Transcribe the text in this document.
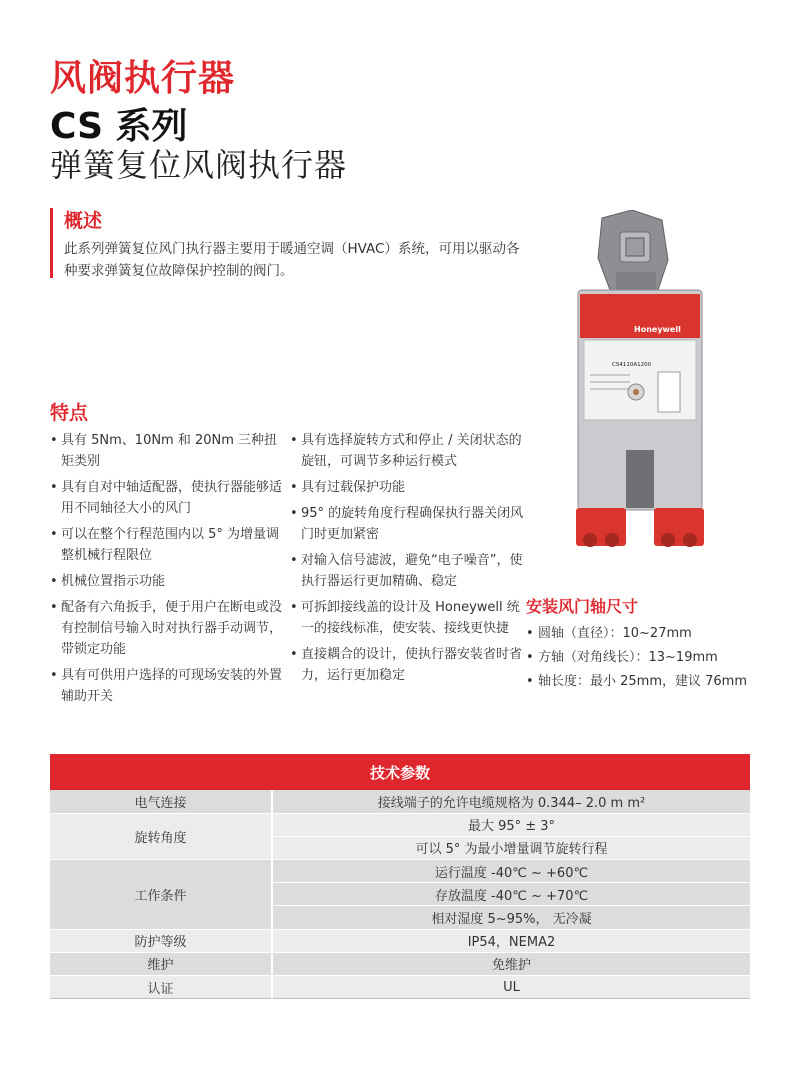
风阀执行器
CS 系列
弹簧复位风阀执行器
概述
此系列弹簧复位风门执行器主要用于暖通空调（HVAC）系统，可用以驱动各种要求弹簧复位故障保护控制的阀门。
特点
• 具有 5Nm、10Nm 和 20Nm 三种扭矩类别
• 具有自对中轴适配器，使执行器能够适用不同轴径大小的风门
• 可以在整个行程范围内以 5° 为增量调整机械行程限位
• 机械位置指示功能
• 配备有六角扳手，便于用户在断电或没有控制信号输入时对执行器手动调节，带锁定功能
• 具有可供用户选择的可现场安装的外置辅助开关
• 具有选择旋转方式和停止 / 关闭状态的旋钮，可调节多种运行模式
• 具有过载保护功能
• 95° 的旋转角度行程确保执行器关闭风门时更加紧密
• 对输入信号滤波，避免“电子噪音”，使执行器运行更加精确、稳定
• 可拆卸接线盖的设计及 Honeywell 统一的接线标准，使安装、接线更快捷
• 直接耦合的设计，使执行器安装省时省力，运行更加稳定
Honeywell
CS4110A1200
安装风门轴尺寸
• 圆轴（直径）：10~27mm
• 方轴（对角线长）：13~19mm
• 轴长度：最小 25mm，建议 76mm
技术参数	
电气连接	接线端子的允许电缆规格为 0.344– 2.0 m m²
旋转角度	最大 95° ± 3°
	可以 5° 为最小增量调节旋转行程
工作条件	运行温度 -40℃ ~ +60℃
	存放温度 -40℃ ~ +70℃
	相对湿度 5~95%， 无冷凝
防护等级	IP54，NEMA2
维护	免维护
认证	UL
